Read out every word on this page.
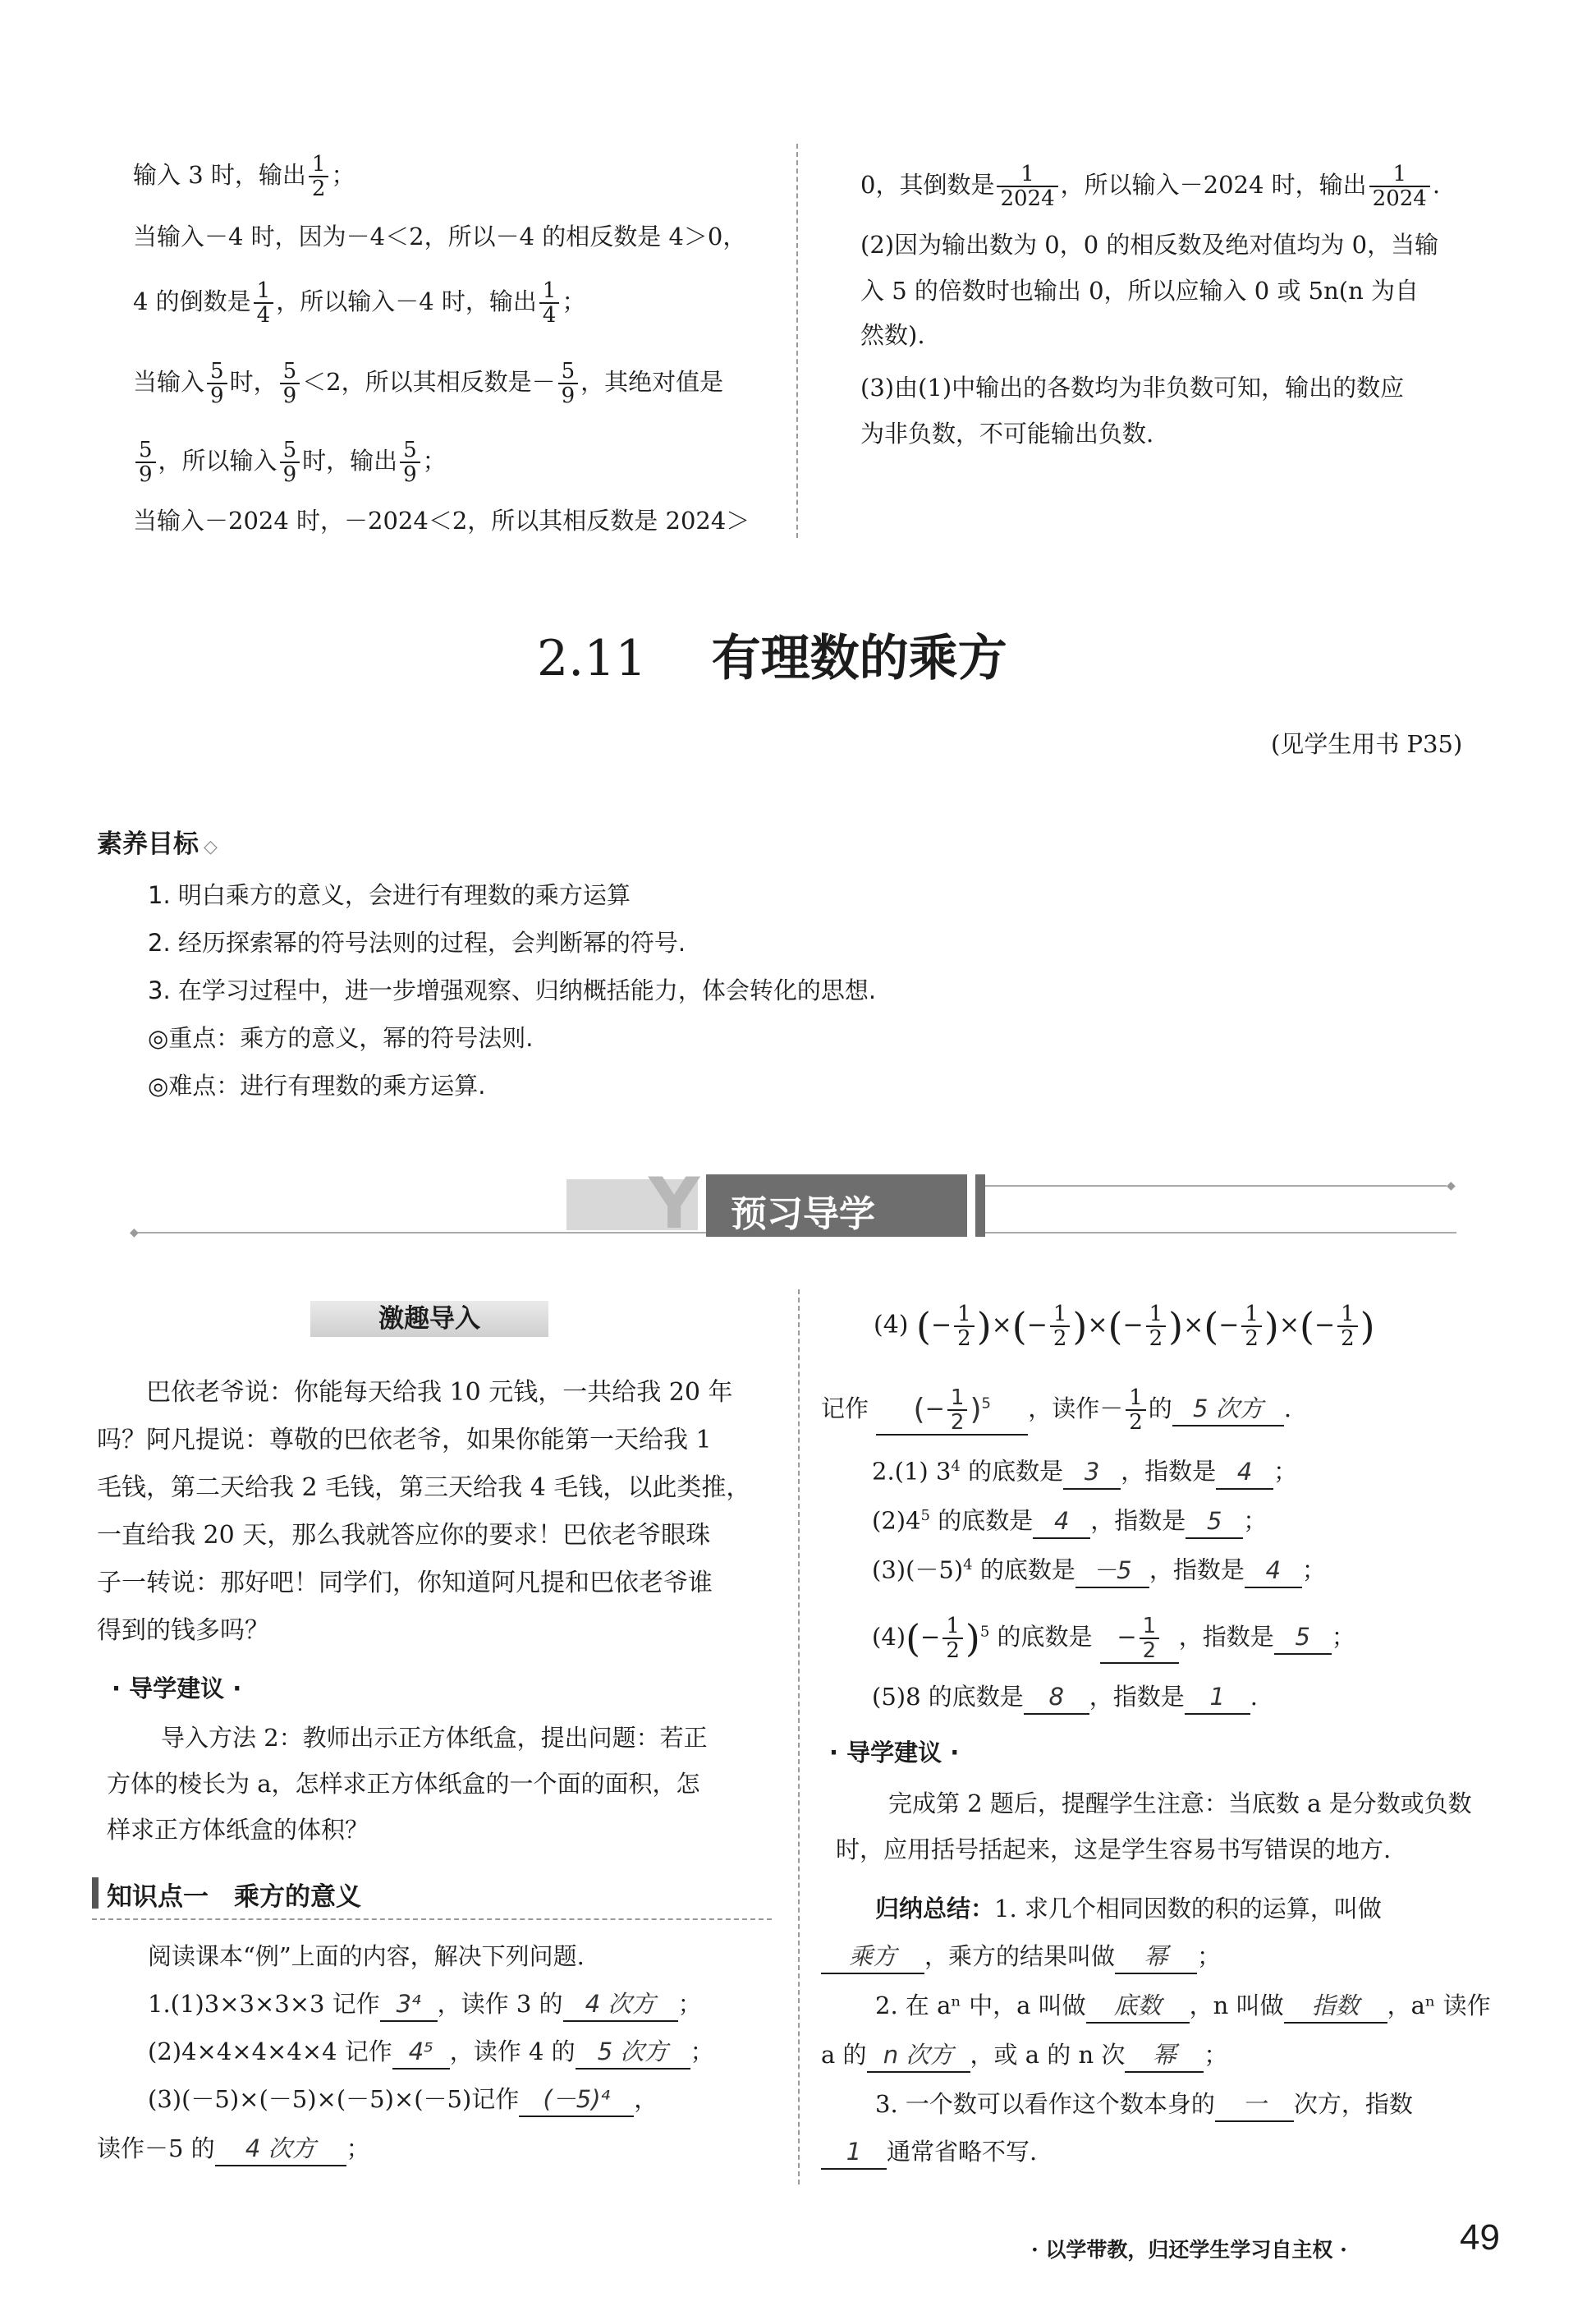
输入 3 时，输出 $\frac{1}{2}$ ；
当输入－4 时，因为－4＜2，所以－4 的相反数是 4＞0，
4 的倒数是 $\frac{1}{4}$ ，所以输入－4 时，输出 $\frac{1}{4}$ ；
当输入 $\frac{5}{9}$ 时， $\frac{5}{9} <2$，所以其相反数是－ $\frac{5}{9}$ ，其绝对值是
$\frac{5}{9}$ ，所以输入 $\frac{5}{9}$ 时，输出 $\frac{5}{9}$ ；
当输入－2024 时，－2024＜2，所以其相反数是 2024＞
0，其倒数是 $\frac{1}{2024}$ ，所以输入－2024 时，输出 $\frac{1}{2024}$ .
(2)因为输出数为 0，0 的相反数及绝对值均为 0，当输
入 5 的倍数时也输出 0，所以应输入 0 或 5n(n 为自
然数).
(3)由(1)中输出的各数均为非负数可知，输出的数应
为非负数，不可能输出负数.
2.11 有理数的乘方
(见学生用书 P35)
素养目标 ◇
1. 明白乘方的意义，会进行有理数的乘方运算
2. 经历探索幂的符号法则的过程，会判断幂的符号.
3. 在学习过程中，进一步增强观察、归纳概括能力，体会转化的思想.
◎重点：乘方的意义，幂的符号法则.
◎难点：进行有理数的乘方运算.
◆
◆
Y 预习导学
激趣导入
巴依老爷说：你能每天给我 10 元钱，一共给我 20 年
吗？阿凡提说：尊敬的巴依老爷，如果你能第一天给我 1
毛钱，第二天给我 2 毛钱，第三天给我 4 毛钱，以此类推，
一直给我 20 天，那么我就答应你的要求！巴依老爷眼珠
子一转说：那好吧！同学们，你知道阿凡提和巴依老爷谁
得到的钱多吗？
· 导学建议 ·
导入方法 2：教师出示正方体纸盒，提出问题：若正
方体的棱长为 a，怎样求正方体纸盒的一个面的面积，怎
样求正方体纸盒的体积？
知识点一　乘方的意义
阅读课本“例”上面的内容，解决下列问题.
1.(1)3×3×3×3 记作 3⁴ ，读作 3 的 4 次方 ；
(2)4×4×4×4×4 记作 4⁵ ，读作 4 的 5 次方 ；
(3)(－5)×(－5)×(－5)×(－5)记作 (－5)⁴ ，
读作－5 的 4 次方 ；
(4) (− $\frac{1}{2}$ )×(− $\frac{1}{2}$ )×(− $\frac{1}{2}$ )×(− $\frac{1}{2}$ )×(− $\frac{1}{2}$ )
记作 (− $\frac{1}{2} )^5$ ，读作－ $\frac{1}{2}$ 的 5 次方 .
2.(1) $3^4$ 的底数是 3 ，指数是 4 ；
$(2)4^5$ 的底数是 4 ，指数是 5 ；
$(3)(-5)^4$ 的底数是 －5 ，指数是 4 ；
$(4)(- \frac{1}{2} )^5$ 的底数是 − $\frac{1}{2}$ ，指数是 5 ；
(5)8 的底数是 8 ，指数是 1 .
· 导学建议 ·
完成第 2 题后，提醒学生注意：当底数 a 是分数或负数
时，应用括号括起来，这是学生容易书写错误的地方.
归纳总结：1. 求几个相同因数的积的运算，叫做
乘方 ，乘方的结果叫做 幂 ；
2. 在 aⁿ 中，a 叫做 底数 ，n 叫做 指数 ，aⁿ 读作
a 的 n 次方 ，或 a 的 n 次 幂 ；
3. 一个数可以看作这个数本身的 一 次方，指数
1 通常省略不写.
· 以学带教，归还学生学习自主权 ·	49
